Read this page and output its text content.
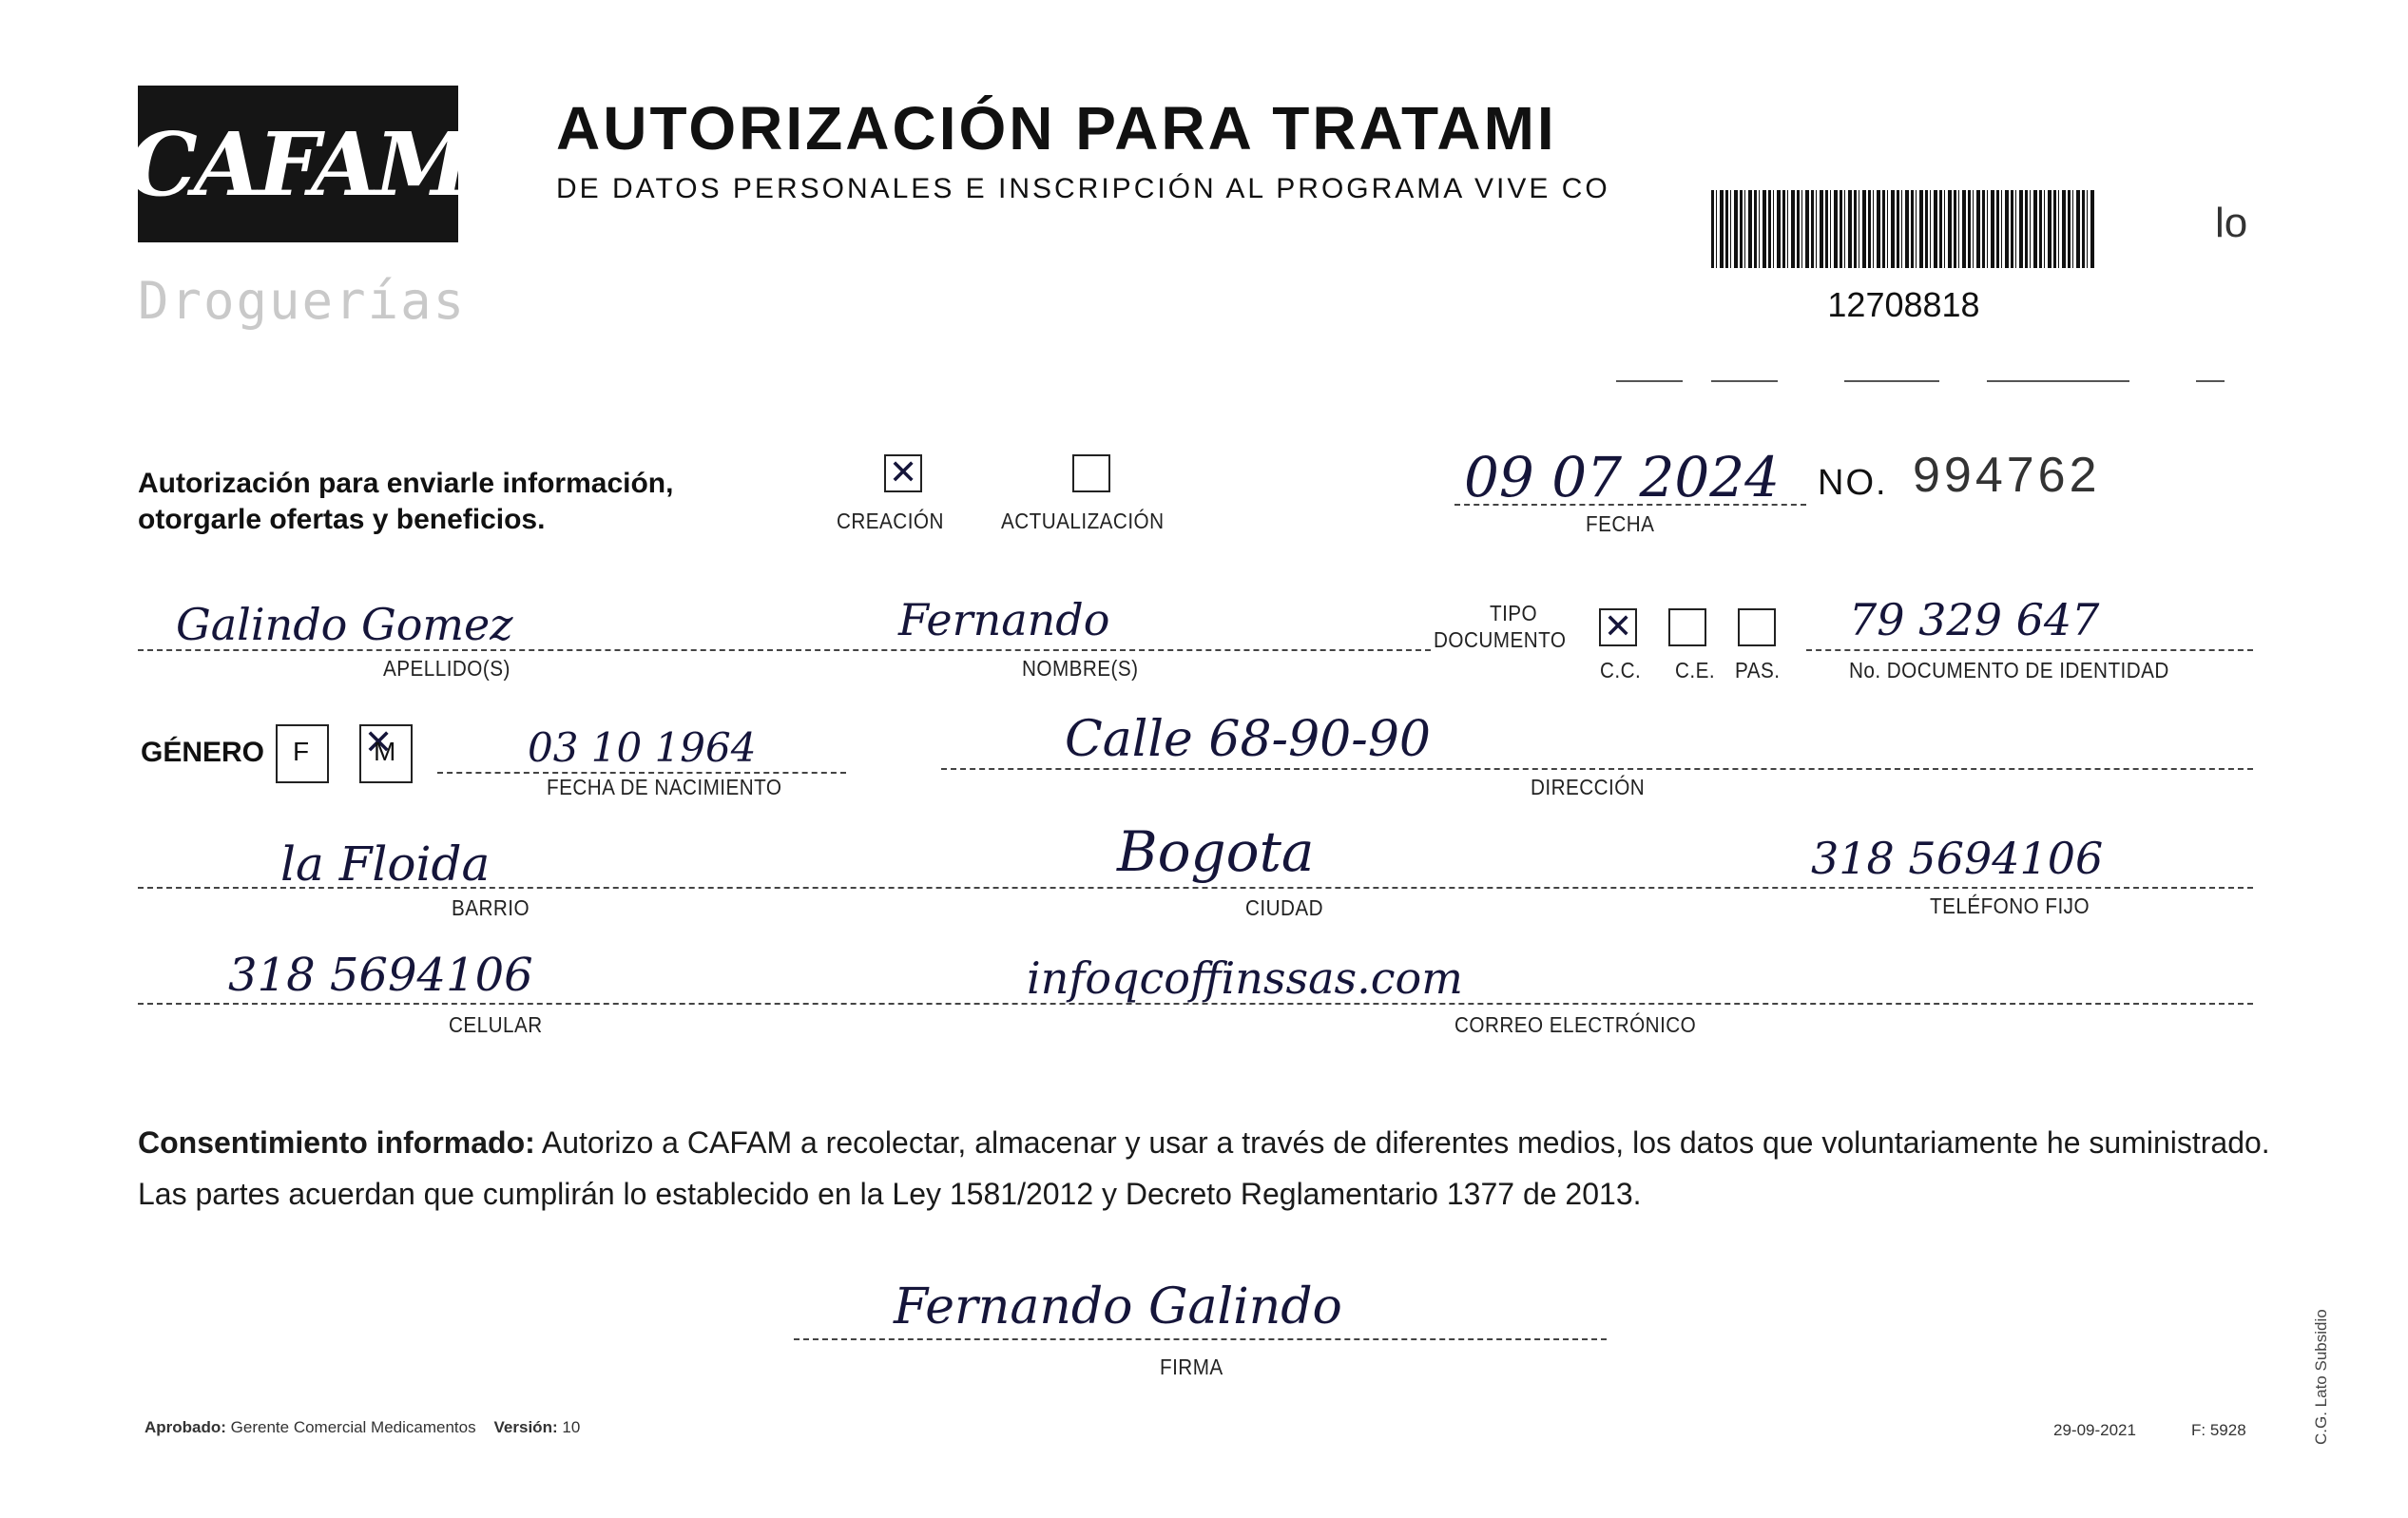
CAFAM
Droguerías
AUTORIZACIÓN PARA TRATAMI
DE DATOS PERSONALES E INSCRIPCIÓN AL PROGRAMA VIVE CO
12708818
lo
Autorización para enviarle información,
otorgarle ofertas y beneficios.
✕	CREACIÓN	ACTUALIZACIÓN
09 07 2024
FECHA
NO. 994762
Galindo Gomez
APELLIDO(S)
Fernando
NOMBRE(S)
TIPO
DOCUMENTO
✕
C.C. C.E. PAS.
79 329 647
No. DOCUMENTO DE IDENTIDAD
GÉNERO F
✕ M	03 10 1964
FECHA DE NACIMIENTO
Calle 68-90-90
DIRECCIÓN
la Floida
BARRIO
Bogota
CIUDAD
318 5694106
TELÉFONO FIJO
318 5694106
CELULAR
infoqcoffinssas.com
CORREO ELECTRÓNICO
Consentimiento informado: Autorizo a CAFAM a recolectar, almacenar y usar a través de diferentes medios, los datos que voluntariamente he suministrado.
Las partes acuerdan que cumplirán lo establecido en la Ley 1581/2012 y Decreto Reglamentario 1377 de 2013.
Fernando Galindo
FIRMA
Aprobado: Gerente Comercial Medicamentos Versión: 10	29-09-2021	F: 5928	C.G. Lato Subsidio
